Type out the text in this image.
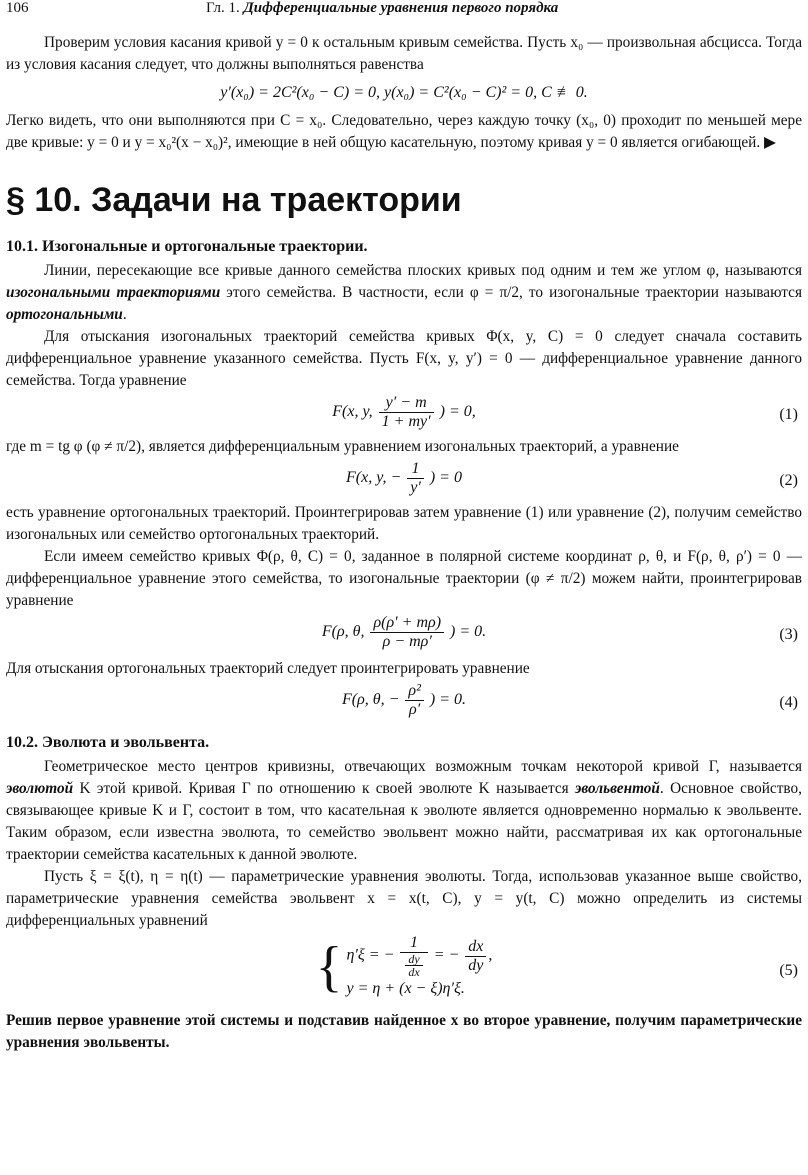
106	Гл. 1. Дифференциальные уравнения первого порядка

Проверим условия касания кривой y = 0 к остальным кривым семейства. Пусть x₀ — произвольная абсцисса. Тогда из условия касания следует, что должны выполняться равенства

y′(x₀) = 2C²(x₀ − C) = 0, y(x₀) = C²(x₀ − C)² = 0, C ≢ 0.

Легко видеть, что они выполняются при C = x₀. Следовательно, через каждую точку (x₀, 0) проходит по меньшей мере две кривые: y = 0 и y = x₀²(x − x₀)², имеющие в ней общую касательную, поэтому кривая y = 0 является огибающей. ▶

§ 10. Задачи на траектории

10.1. Изогональные и ортогональные траектории.

Линии, пересекающие все кривые данного семейства плоских кривых под одним и тем же углом φ, называются изогональными траекториями этого семейства. В частности, если φ = π/2, то изогональные траектории называются ортогональными.

Для отыскания изогональных траекторий семейства кривых Φ(x, y, C) = 0 следует сначала составить дифференциальное уравнение указанного семейства. Пусть F(x, y, y′) = 0 — дифференциальное уравнение данного семейства. Тогда уравнение

F(x, y, $\frac{y' - m}{1 + my'}$ ) = 0,	(1)

где m = tg φ (φ ≠ π/2), является дифференциальным уравнением изогональных траекторий, а уравнение

F(x, y, − $\frac{1}{y'}$ ) = 0	(2)

есть уравнение ортогональных траекторий. Проинтегрировав затем уравнение (1) или уравнение (2), получим семейство изогональных или семейство ортогональных траекторий.

Если имеем семейство кривых Φ(ρ, θ, C) = 0, заданное в полярной системе координат ρ, θ, и F(ρ, θ, ρ′) = 0 — дифференциальное уравнение этого семейства, то изогональные траектории (φ ≠ π/2) можем найти, проинтегрировав уравнение

F(ρ, θ, $\frac{\rho(\rho' + m\rho)}{\rho - m\rho'}$ ) = 0.	(3)

Для отыскания ортогональных траекторий следует проинтегрировать уравнение

F(ρ, θ, − $\frac{\text{ρ²}}{\rho'}$ ) = 0.	(4)

10.2. Эволюта и эвольвента.

Геометрическое место центров кривизны, отвечающих возможным точкам некоторой кривой Γ, называется эволютой K этой кривой. Кривая Γ по отношению к своей эволюте K называется эвольвентой. Основное свойство, связывающее кривые K и Γ, состоит в том, что касательная к эволюте является одновременно нормалью к эвольвенте. Таким образом, если известна эволюта, то семейство эвольвент можно найти, рассматривая их как ортогональные траектории семейства касательных к данной эволюте.

Пусть ξ = ξ(t), η = η(t) — параметрические уравнения эволюты. Тогда, использовав указанное выше свойство, параметрические уравнения семейства эвольвент x = x(t, C), y = y(t, C) можно определить из системы дифференциальных уравнений

{ η′ξ = − $\frac{1}{\frac{dy}{dx}}$ = − $\frac{dx}{dy}$ ,
y = η + (x − ξ)η′ξ.
(5)

Решив первое уравнение этой системы и подставив найденное x во второе уравнение, получим параметрические уравнения эвольвенты.
